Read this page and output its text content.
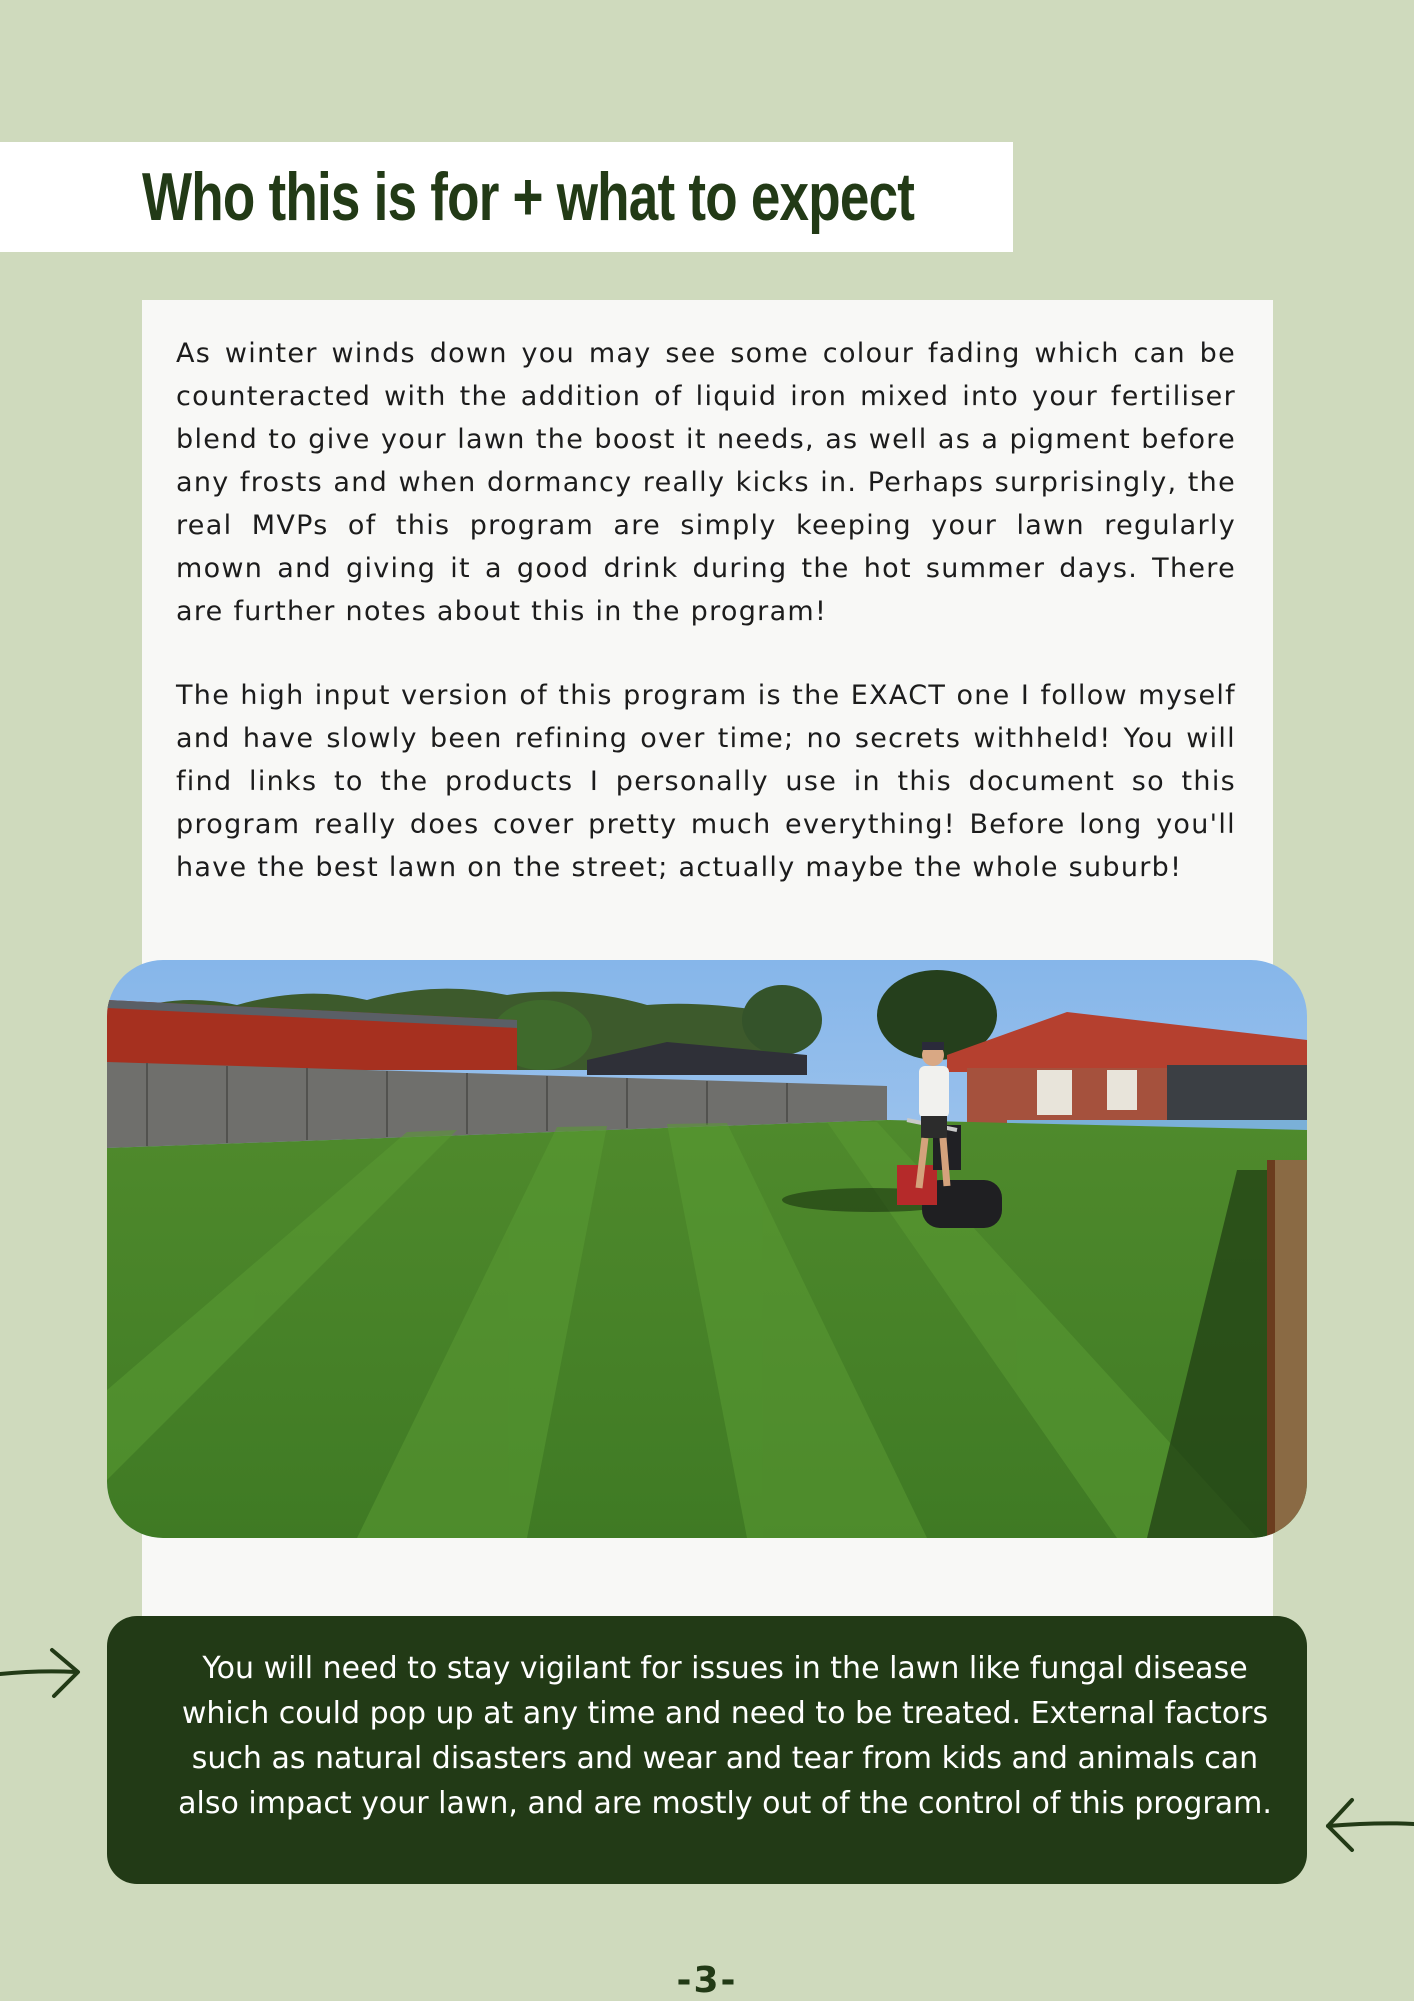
Who this is for + what to expect

As winter winds down you may see some colour fading which can be counteracted with the addition of liquid iron mixed into your fertiliser blend to give your lawn the boost it needs, as well as a pigment before any frosts and when dormancy really kicks in. Perhaps surprisingly, the real MVPs of this program are simply keeping your lawn regularly mown and giving it a good drink during the hot summer days. There are further notes about this in the program!

The high input version of this program is the EXACT one I follow myself and have slowly been refining over time; no secrets withheld! You will find links to the products I personally use in this document so this program really does cover pretty much everything! Before long you'll have the best lawn on the street; actually maybe the whole suburb!

You will need to stay vigilant for issues in the lawn like fungal disease which could pop up at any time and need to be treated. External factors such as natural disasters and wear and tear from kids and animals can also impact your lawn, and are mostly out of the control of this program.

-3-
